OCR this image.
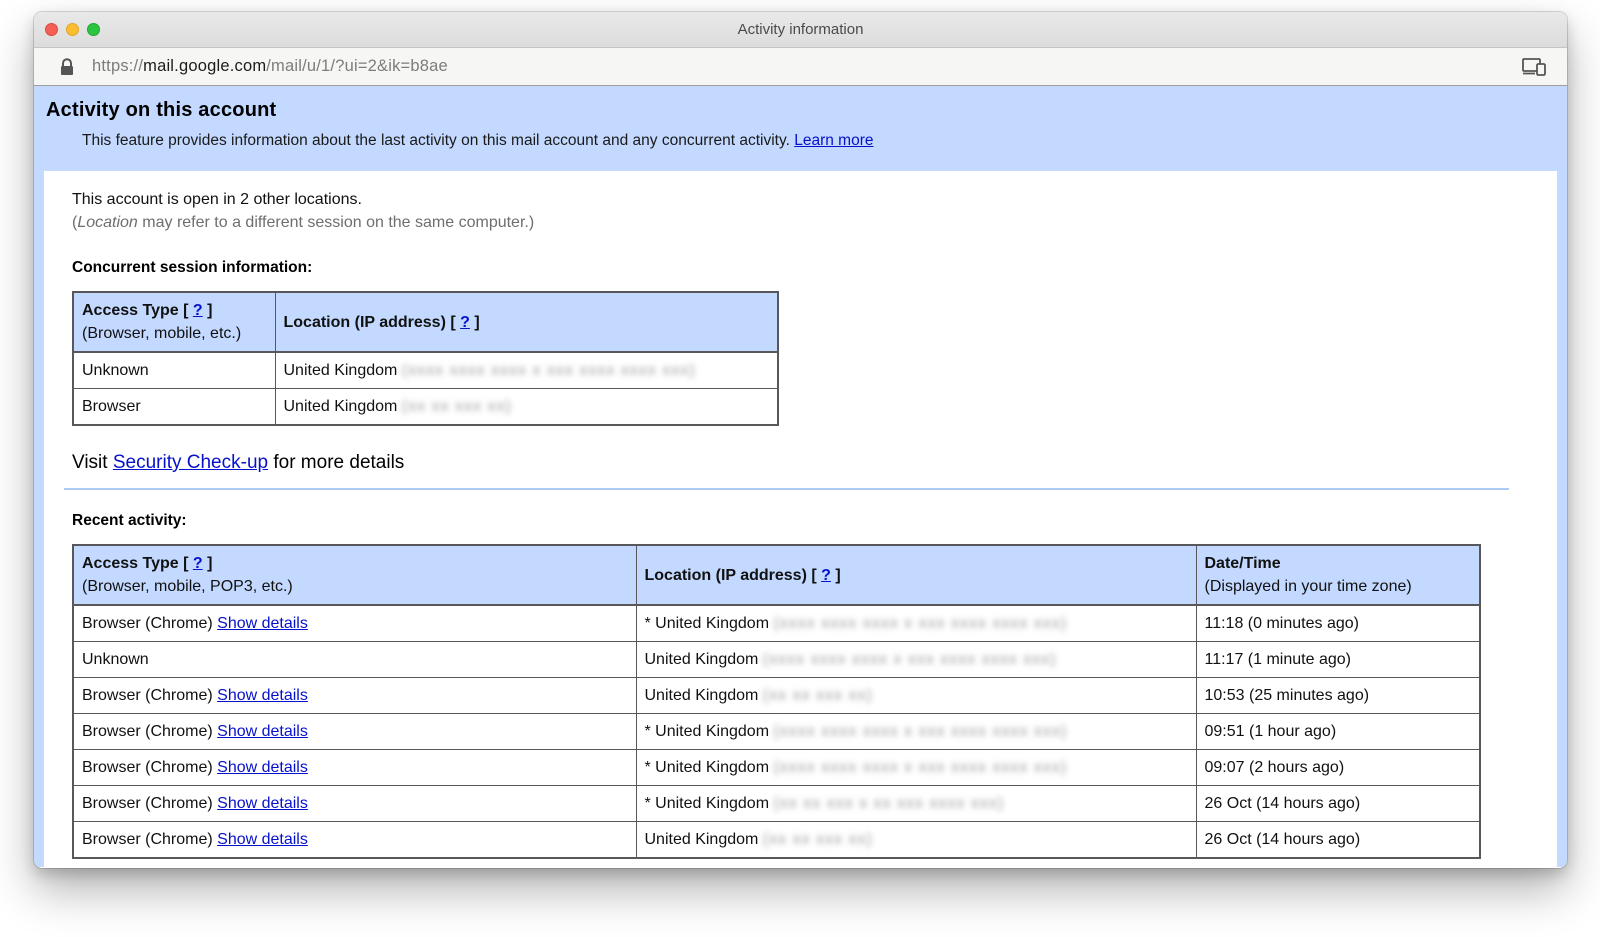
Activity information
https://mail.google.com/mail/u/1/?ui=2&ik=b8ae
Activity on this account

This feature provides information about the last activity on this mail account and any concurrent activity. Learn more

This account is open in 2 other locations.

(Location may refer to a different session on the same computer.)

Concurrent session information:

Access Type [ ? ]
(Browser, mobile, etc.)	Location (IP address) [ ? ]
Unknown	United Kingdom (xxxx xxxx xxxx x xxx xxxx xxxx xxx)
Browser	United Kingdom (xx xx xxx xx)

Visit Security Check-up for more details

Recent activity:

Access Type [ ? ]
(Browser, mobile, POP3, etc.)	Location (IP address) [ ? ]	Date/Time
(Displayed in your time zone)
Browser (Chrome) Show details	* United Kingdom (xxxx xxxx xxxx x xxx xxxx xxxx xxx)	11:18 (0 minutes ago)
Unknown	United Kingdom (xxxx xxxx xxxx x xxx xxxx xxxx xxx)	11:17 (1 minute ago)
Browser (Chrome) Show details	United Kingdom (xx xx xxx xx)	10:53 (25 minutes ago)
Browser (Chrome) Show details	* United Kingdom (xxxx xxxx xxxx x xxx xxxx xxxx xxx)	09:51 (1 hour ago)
Browser (Chrome) Show details	* United Kingdom (xxxx xxxx xxxx x xxx xxxx xxxx xxx)	09:07 (2 hours ago)
Browser (Chrome) Show details	* United Kingdom (xx xx xxx x xx xxx xxxx xxx)	26 Oct (14 hours ago)
Browser (Chrome) Show details	United Kingdom (xx xx xxx xx)	26 Oct (14 hours ago)
